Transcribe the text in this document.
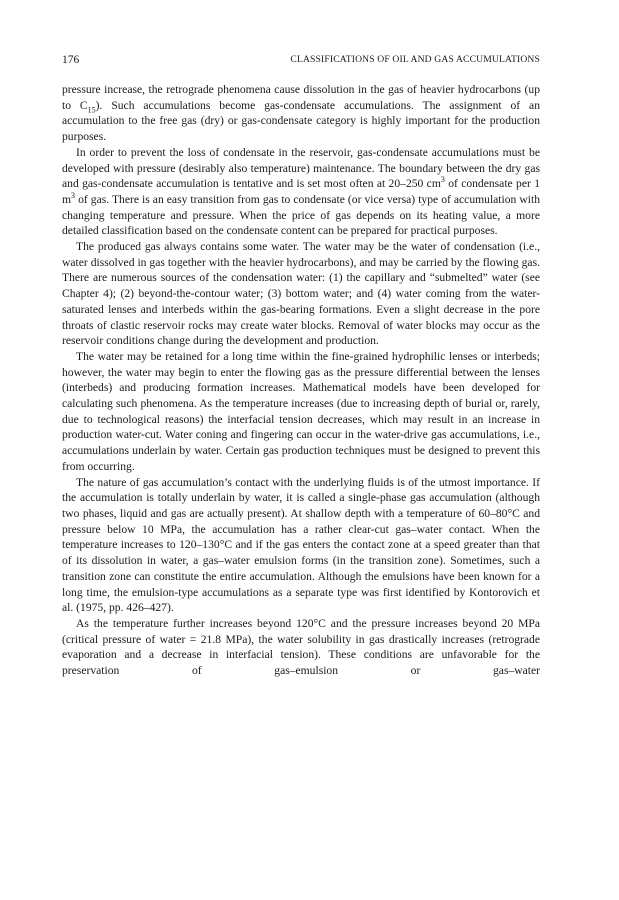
176	CLASSIFICATIONS OF OIL AND GAS ACCUMULATIONS

pressure increase, the retrograde phenomena cause dissolution in the gas of heavier hydrocarbons (up to $C_{15}$). Such accumulations become gas-condensate accumulations. The assignment of an accumulation to the free gas (dry) or gas-condensate category is highly important for the production purposes.

In order to prevent the loss of condensate in the reservoir, gas-condensate accumulations must be developed with pressure (desirably also temperature) maintenance. The boundary between the dry gas and gas-condensate accumulation is tentative and is set most often at 20–250 $cm^3$ of condensate per 1 $m^3$ of gas. There is an easy transition from gas to condensate (or vice versa) type of accumulation with changing temperature and pressure. When the price of gas depends on its heating value, a more detailed classification based on the condensate content can be prepared for practical purposes.

The produced gas always contains some water. The water may be the water of condensation (i.e., water dissolved in gas together with the heavier hydrocarbons), and may be carried by the flowing gas. There are numerous sources of the condensation water: (1) the capillary and “submelted” water (see Chapter 4); (2) beyond-the-contour water; (3) bottom water; and (4) water coming from the water-saturated lenses and interbeds within the gas-bearing formations. Even a slight decrease in the pore throats of clastic reservoir rocks may create water blocks. Removal of water blocks may occur as the reservoir conditions change during the development and production.

The water may be retained for a long time within the fine-grained hydrophilic lenses or interbeds; however, the water may begin to enter the flowing gas as the pressure differential between the lenses (interbeds) and producing formation increases. Mathematical models have been developed for calculating such phenomena. As the temperature increases (due to increasing depth of burial or, rarely, due to technological reasons) the interfacial tension decreases, which may result in an increase in production water-cut. Water coning and fingering can occur in the water-drive gas accumulations, i.e., accumulations underlain by water. Certain gas production techniques must be designed to prevent this from occurring.

The nature of gas accumulation’s contact with the underlying fluids is of the utmost importance. If the accumulation is totally underlain by water, it is called a single-phase gas accumulation (although two phases, liquid and gas are actually present). At shallow depth with a temperature of 60–80°C and pressure below 10 MPa, the accumulation has a rather clear-cut gas–water contact. When the temperature increases to 120–130°C and if the gas enters the contact zone at a speed greater than that of its dissolution in water, a gas–water emulsion forms (in the transition zone). Sometimes, such a transition zone can constitute the entire accumulation. Although the emulsions have been known for a long time, the emulsion-type accumulations as a separate type was first identified by Kontorovich et al. (1975, pp. 426–427).

As the temperature further increases beyond 120°C and the pressure increases beyond 20 MPa (critical pressure of water = 21.8 MPa), the water solubility in gas drastically increases (retrograde evaporation and a decrease in interfacial tension). These conditions are unfavorable for the preservation of gas–emulsion or gas–water
